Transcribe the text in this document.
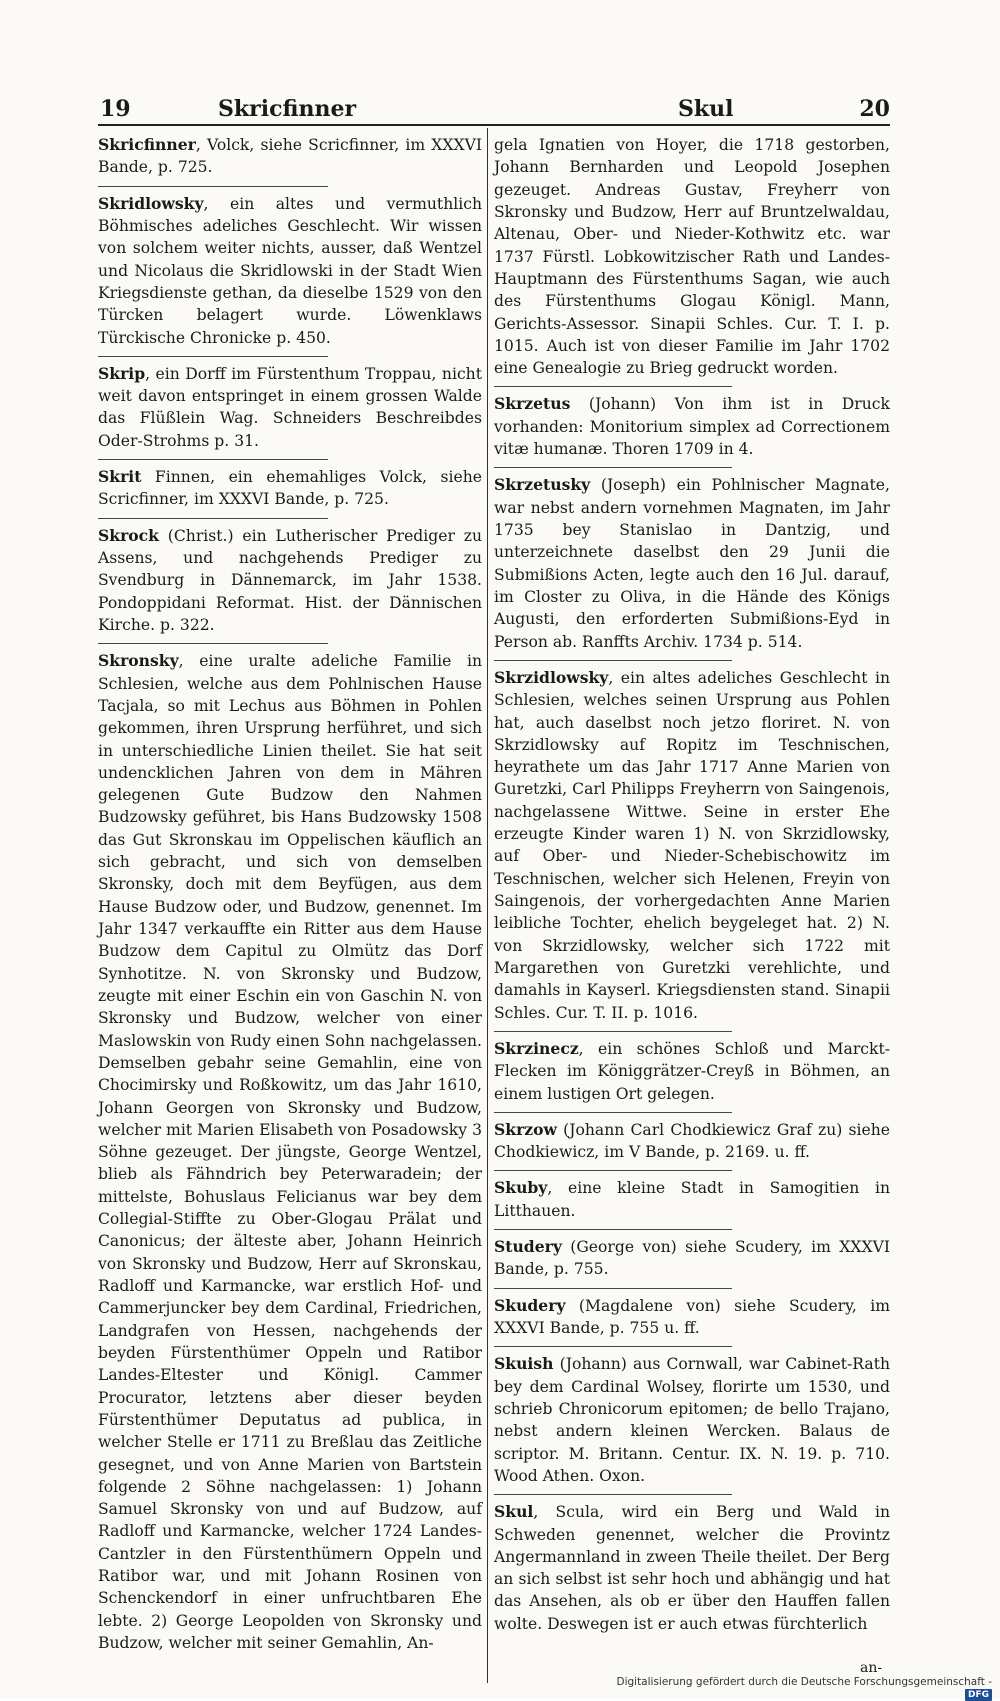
19	Skricfinner	Skul	20
Skricfinner, Volck, siehe Scricfinner, im XXXVI Bande, p. 725.
Skridlowsky, ein altes und vermuthlich Böhmisches adeliches Geschlecht. Wir wissen von solchem weiter nichts, ausser, daß Wentzel und Nicolaus die Skridlowski in der Stadt Wien Kriegsdienste gethan, da dieselbe 1529 von den Türcken belagert wurde. Löwenklaws Türckische Chronicke p. 450.
Skrip, ein Dorff im Fürstenthum Troppau, nicht weit davon entspringet in einem grossen Walde das Flüßlein Wag. Schneiders Beschreibdes Oder-Strohms p. 31.
Skrit Finnen, ein ehemahliges Volck, siehe Scricfinner, im XXXVI Bande, p. 725.
Skrock (Christ.) ein Lutherischer Prediger zu Assens, und nachgehends Prediger zu Svendburg in Dännemarck, im Jahr 1538. Pondoppidani Reformat. Hist. der Dännischen Kirche. p. 322.
Skronsky, eine uralte adeliche Familie in Schlesien, welche aus dem Pohlnischen Hause Tacjala, so mit Lechus aus Böhmen in Pohlen gekommen, ihren Ursprung herführet, und sich in unterschiedliche Linien theilet. Sie hat seit undencklichen Jahren von dem in Mähren gelegenen Gute Budzow den Nahmen Budzowsky geführet, bis Hans Budzowsky 1508 das Gut Skronskau im Oppelischen käuflich an sich gebracht, und sich von demselben Skronsky, doch mit dem Beyfügen, aus dem Hause Budzow oder, und Budzow, genennet. Im Jahr 1347 verkauffte ein Ritter aus dem Hause Budzow dem Capitul zu Olmütz das Dorf Synhotitze. N. von Skronsky und Budzow, zeugte mit einer Eschin ein von Gaschin N. von Skronsky und Budzow, welcher von einer Maslowskin von Rudy einen Sohn nachgelassen. Demselben gebahr seine Gemahlin, eine von Chocimirsky und Roßkowitz, um das Jahr 1610, Johann Georgen von Skronsky und Budzow, welcher mit Marien Elisabeth von Posadowsky 3 Söhne gezeuget. Der jüngste, George Wentzel, blieb als Fähndrich bey Peterwaradein; der mittelste, Bohuslaus Felicianus war bey dem Collegial-Stiffte zu Ober-Glogau Prälat und Canonicus; der älteste aber, Johann Heinrich von Skronsky und Budzow, Herr auf Skronskau, Radloff und Karmancke, war erstlich Hof- und Cammerjuncker bey dem Cardinal, Friedrichen, Landgrafen von Hessen, nachgehends der beyden Fürstenthümer Oppeln und Ratibor Landes-Eltester und Königl. Cammer Procurator, letztens aber dieser beyden Fürstenthümer Deputatus ad publica, in welcher Stelle er 1711 zu Breßlau das Zeitliche gesegnet, und von Anne Marien von Bartstein folgende 2 Söhne nachgelassen: 1) Johann Samuel Skronsky von und auf Budzow, auf Radloff und Karmancke, welcher 1724 Landes-Cantzler in den Fürstenthümern Oppeln und Ratibor war, und mit Johann Rosinen von Schenckendorf in einer unfruchtbaren Ehe lebte. 2) George Leopolden von Skronsky und Budzow, welcher mit seiner Gemahlin, An-
gela Ignatien von Hoyer, die 1718 gestorben, Johann Bernharden und Leopold Josephen gezeuget. Andreas Gustav, Freyherr von Skronsky und Budzow, Herr auf Bruntzelwaldau, Altenau, Ober- und Nieder-Kothwitz etc. war 1737 Fürstl. Lobkowitzischer Rath und Landes-Hauptmann des Fürstenthums Sagan, wie auch des Fürstenthums Glogau Königl. Mann, Gerichts-Assessor. Sinapii Schles. Cur. T. I. p. 1015. Auch ist von dieser Familie im Jahr 1702 eine Genealogie zu Brieg gedruckt worden.
Skrzetus (Johann) Von ihm ist in Druck vorhanden: Monitorium simplex ad Correctionem vitæ humanæ. Thoren 1709 in 4.
Skrzetusky (Joseph) ein Pohlnischer Magnate, war nebst andern vornehmen Magnaten, im Jahr 1735 bey Stanislao in Dantzig, und unterzeichnete daselbst den 29 Junii die Submißions Acten, legte auch den 16 Jul. darauf, im Closter zu Oliva, in die Hände des Königs Augusti, den erforderten Submißions-Eyd in Person ab. Ranffts Archiv. 1734 p. 514.
Skrzidlowsky, ein altes adeliches Geschlecht in Schlesien, welches seinen Ursprung aus Pohlen hat, auch daselbst noch jetzo floriret. N. von Skrzidlowsky auf Ropitz im Teschnischen, heyrathete um das Jahr 1717 Anne Marien von Guretzki, Carl Philipps Freyherrn von Saingenois, nachgelassene Wittwe. Seine in erster Ehe erzeugte Kinder waren 1) N. von Skrzidlowsky, auf Ober- und Nieder-Schebischowitz im Teschnischen, welcher sich Helenen, Freyin von Saingenois, der vorhergedachten Anne Marien leibliche Tochter, ehelich beygeleget hat. 2) N. von Skrzidlowsky, welcher sich 1722 mit Margarethen von Guretzki verehlichte, und damahls in Kayserl. Kriegsdiensten stand. Sinapii Schles. Cur. T. II. p. 1016.
Skrzinecz, ein schönes Schloß und Marckt-Flecken im Königgrätzer-Creyß in Böhmen, an einem lustigen Ort gelegen.
Skrzow (Johann Carl Chodkiewicz Graf zu) siehe Chodkiewicz, im V Bande, p. 2169. u. ff.
Skuby, eine kleine Stadt in Samogitien in Litthauen.
Studery (George von) siehe Scudery, im XXXVI Bande, p. 755.
Skudery (Magdalene von) siehe Scudery, im XXXVI Bande, p. 755 u. ff.
Skuish (Johann) aus Cornwall, war Cabinet-Rath bey dem Cardinal Wolsey, florirte um 1530, und schrieb Chronicorum epitomen; de bello Trajano, nebst andern kleinen Wercken. Balaus de scriptor. M. Britann. Centur. IX. N. 19. p. 710. Wood Athen. Oxon.
Skul, Scula, wird ein Berg und Wald in Schweden genennet, welcher die Provintz Angermannland in zween Theile theilet. Der Berg an sich selbst ist sehr hoch und abhängig und hat das Ansehen, als ob er über den Hauffen fallen wolte. Deswegen ist er auch etwas fürchterlich
an-
Digitalisierung gefördert durch die Deutsche Forschungsgemeinschaft -DFG
